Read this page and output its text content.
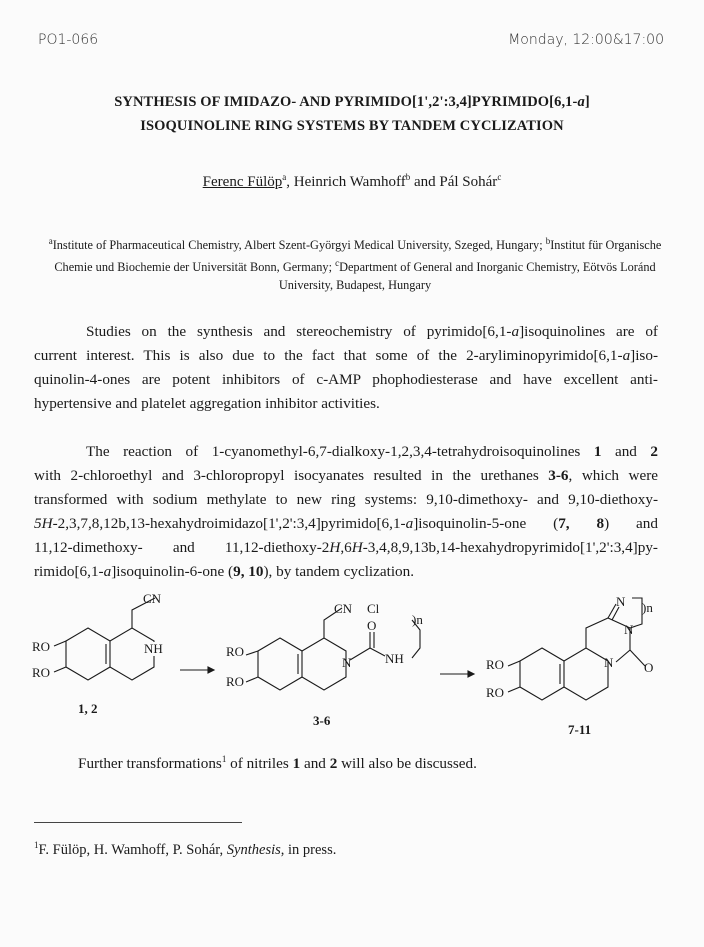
PO1-066	Monday, 12:00&17:00
SYNTHESIS OF IMIDAZO- AND PYRIMIDO[1',2':3,4]PYRIMIDO[6,1-a]
ISOQUINOLINE RING SYSTEMS BY TANDEM CYCLIZATION
Ferenc Fülöp$^a$, Heinrich Wamhoff$^b$ and Pál Sohár$^c$
$^a$Institute of Pharmaceutical Chemistry, Albert Szent-Györgyi Medical University, Szeged, Hungary; $^b$Institut für Organische Chemie und Biochemie der Universität Bonn, Germany; $^c$Department of General and Inorganic Chemistry, Eötvös Loránd University, Budapest, Hungary
Studies on the synthesis and stereochemistry of pyrimido[6,1-a]isoquinolines are of
current interest. This is also due to the fact that some of the 2-aryliminopyrimido[6,1-a]iso-
quinolin-4-ones are potent inhibitors of c-AMP phophodiesterase and have excellent anti-
hypertensive and platelet aggregation inhibitor activities.
The reaction of 1-cyanomethyl-6,7-dialkoxy-1,2,3,4-tetrahydroisoquinolines 1 and 2
with 2-chloroethyl and 3-chloropropyl isocyanates resulted in the urethanes 3-6, which were
transformed with sodium methylate to new ring systems: 9,10-dimethoxy- and 9,10-diethoxy-
5H-2,3,7,8,12b,13-hexahydroimidazo[1',2':3,4]pyrimido[6,1-a]isoquinolin-5-one (7, 8) and
11,12-dimethoxy- and 11,12-diethoxy-2H,6H-3,4,8,9,13b,14-hexahydropyrimido[1',2':3,4]py-
rimido[6,1-a]isoquinolin-6-one (9, 10), by tandem cyclization.
RO
RO
CN
NH
1, 2
RO
RO
CN Cl
)n
O
N	NH
3-6
RO
RO
N )n
N
N O
7-11
Further transformations$^1$ of nitriles 1 and 2 will also be discussed.
$^1$F. Fülöp, H. Wamhoff, P. Sohár, Synthesis, in press.
